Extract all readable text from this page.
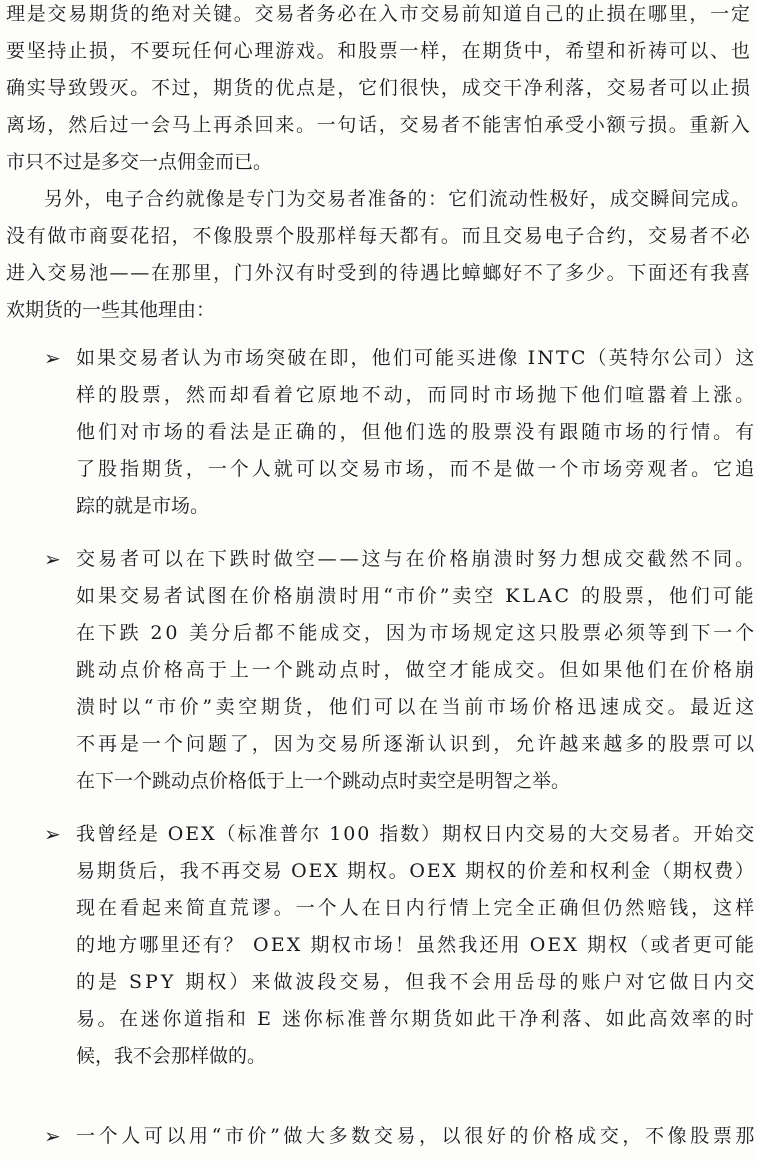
理是交易期货的绝对关键。交易者务必在入市交易前知道自己的止损在哪里，一定
要坚持止损，不要玩任何心理游戏。和股票一样，在期货中，希望和祈祷可以、也
确实导致毁灭。不过，期货的优点是，它们很快，成交干净利落，交易者可以止损
离场，然后过一会马上再杀回来。一句话，交易者不能害怕承受小额亏损。重新入
市只不过是多交一点佣金而已。
另外，电子合约就像是专门为交易者准备的：它们流动性极好，成交瞬间完成。
没有做市商耍花招，不像股票个股那样每天都有。而且交易电子合约，交易者不必
进入交易池——在那里，门外汉有时受到的待遇比蟑螂好不了多少。下面还有我喜
欢期货的一些其他理由：
➢ 如果交易者认为市场突破在即，他们可能买进像 INTC（英特尔公司）这
样的股票，然而却看着它原地不动，而同时市场抛下他们喧嚣着上涨。
他们对市场的看法是正确的，但他们选的股票没有跟随市场的行情。有
了股指期货，一个人就可以交易市场，而不是做一个市场旁观者。它追
踪的就是市场。
➢ 交易者可以在下跌时做空——这与在价格崩溃时努力想成交截然不同。
如果交易者试图在价格崩溃时用“市价”卖空 KLAC 的股票，他们可能
在下跌 20 美分后都不能成交，因为市场规定这只股票必须等到下一个
跳动点价格高于上一个跳动点时，做空才能成交。但如果他们在价格崩
溃时以“市价”卖空期货，他们可以在当前市场价格迅速成交。最近这
不再是一个问题了，因为交易所逐渐认识到，允许越来越多的股票可以
在下一个跳动点价格低于上一个跳动点时卖空是明智之举。
➢ 我曾经是 OEX（标准普尔 100 指数）期权日内交易的大交易者。开始交
易期货后，我不再交易 OEX 期权。OEX 期权的价差和权利金（期权费）
现在看起来简直荒谬。一个人在日内行情上完全正确但仍然赔钱，这样
的地方哪里还有？ OEX 期权市场！虽然我还用 OEX 期权（或者更可能
的是 SPY 期权）来做波段交易，但我不会用岳母的账户对它做日内交
易。在迷你道指和 E 迷你标准普尔期货如此干净利落、如此高效率的时
候，我不会那样做的。
➢ 一个人可以用“市价”做大多数交易，以很好的价格成交，不像股票那
